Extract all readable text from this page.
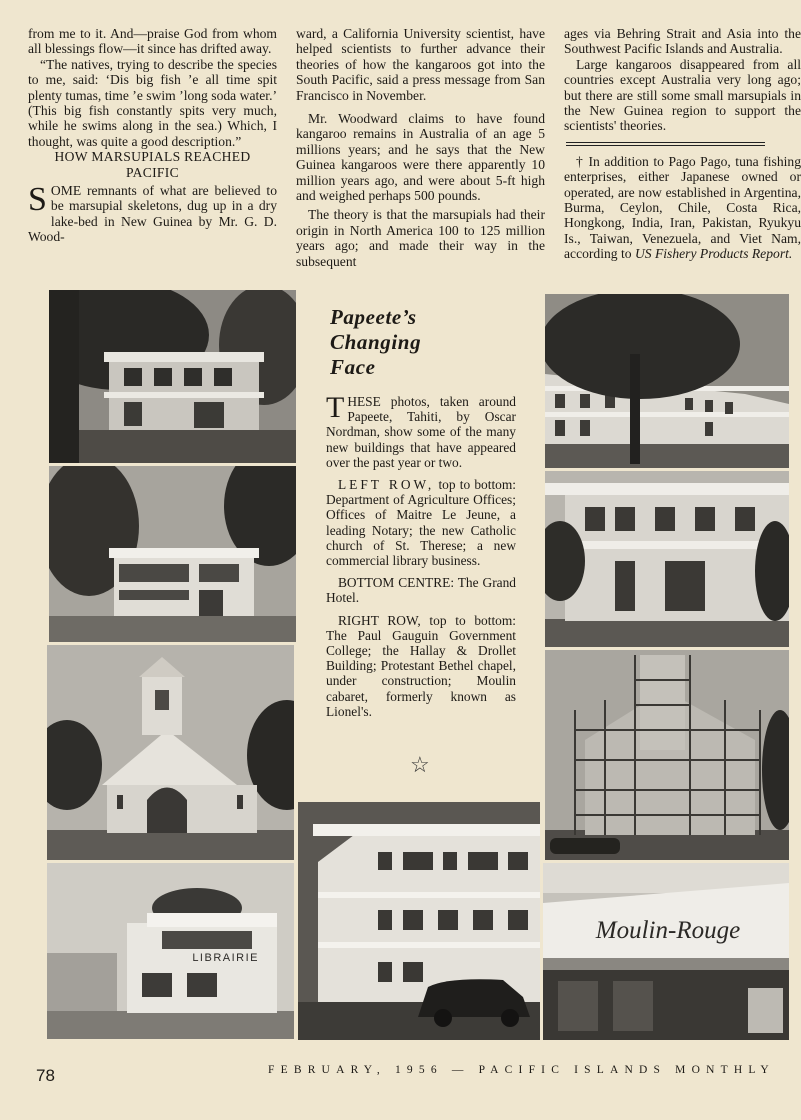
from me to it. And—praise God from whom all blessings flow—it since has drifted away.

“The natives, trying to describe the species to me, said: ‘Dis big fish ’e all time spit plenty tumas, time ’e swim ’long soda water.’ (This big fish constantly spits very much, while he swims along in the sea.) Which, I thought, was quite a good description.”

HOW MARSUPIALS REACHED PACIFIC

SOME remnants of what are believed to be marsupial skeletons, dug up in a dry lake-bed in New Guinea by Mr. G. D. Wood-

ward, a California University scientist, have helped scientists to further advance their theories of how the kangaroos got into the South Pacific, said a press message from San Francisco in November.

Mr. Woodward claims to have found kangaroo remains in Australia of an age 5 millions years; and he says that the New Guinea kangaroos were there apparently 10 million years ago, and were about 5-ft high and weighed perhaps 500 pounds.

The theory is that the marsupials had their origin in North America 100 to 125 million years ago; and made their way in the subsequent

ages via Behring Strait and Asia into the Southwest Pacific Islands and Australia.

Large kangaroos disappeared from all countries except Australia very long ago; but there are still some small marsupials in the New Guinea region to support the scientists' theories.

† In addition to Pago Pago, tuna fishing enterprises, either Japanese owned or operated, are now established in Argentina, Burma, Ceylon, Chile, Costa Rica, Hongkong, India, Iran, Pakistan, Ryukyu Is., Taiwan, Venezuela, and Viet Nam, according to US Fishery Products Report.

LIBRAIRIE

Papeete’s
Changing
Face

THESE photos, taken around Papeete, Tahiti, by Oscar Nordman, show some of the many new buildings that have appeared over the past year or two.

LEFT ROW, top to bottom: Department of Agriculture Offices; Offices of Maitre Le Jeune, a leading Notary; the new Catholic church of St. Therese; a new commercial library business.

BOTTOM CENTRE: The Grand Hotel.

RIGHT ROW, top to bottom: The Paul Gauguin Government College; the Hallay & Drollet Building; Protestant Bethel chapel, under construction; Moulin cabaret, formerly known as Lionel's.

☆
Moulin-Rouge
78	FEBRUARY, 1956 — PACIFIC ISLANDS MONTHLY
